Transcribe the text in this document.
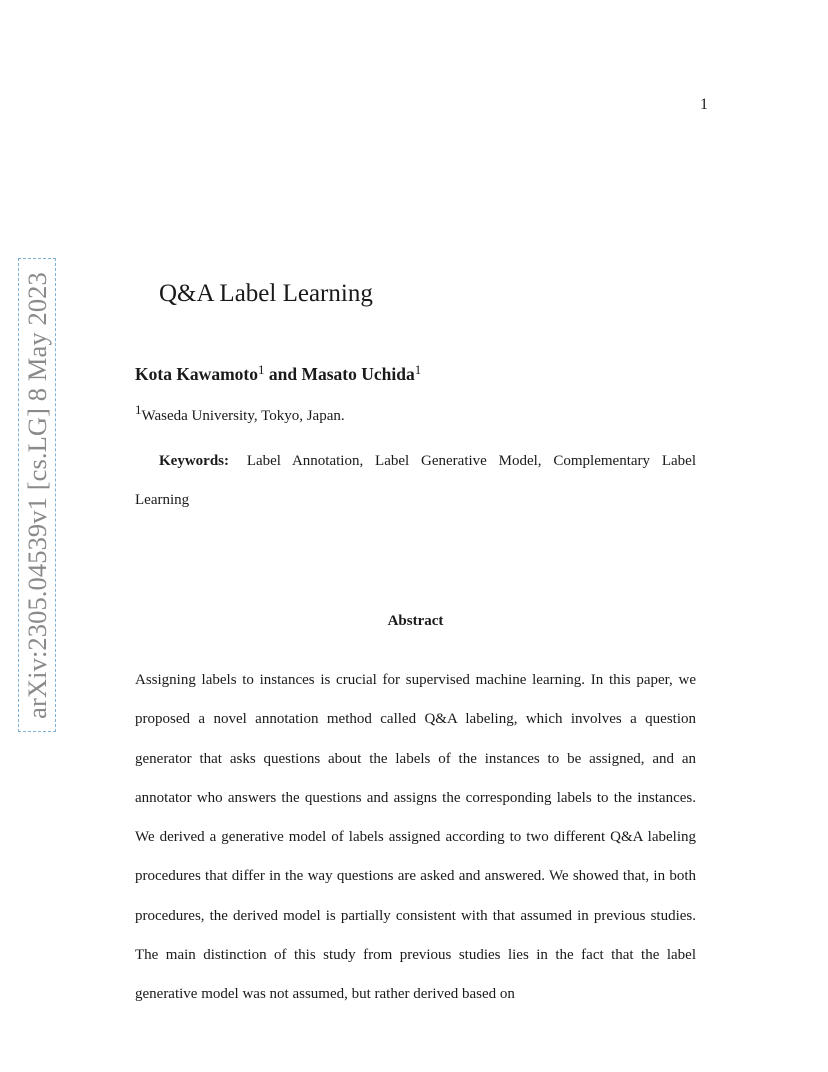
1
arXiv:2305.04539v1 [cs.LG] 8 May 2023	Q&A Label Learning
Kota Kawamoto$^1$ and Masato Uchida$^1$
$^1$Waseda University, Tokyo, Japan.
Keywords: Label Annotation, Label Generative Model, Complementary Label Learning
Abstract
Assigning labels to instances is crucial for supervised machine learning. In this paper, we proposed a novel annotation method called Q&A labeling, which involves a question generator that asks questions about the labels of the instances to be assigned, and an annotator who answers the questions and assigns the corresponding labels to the instances. We derived a generative model of labels assigned according to two different Q&A labeling procedures that differ in the way questions are asked and answered. We showed that, in both procedures, the derived model is partially consistent with that assumed in previous studies. The main distinction of this study from previous studies lies in the fact that the label generative model was not assumed, but rather derived based on
